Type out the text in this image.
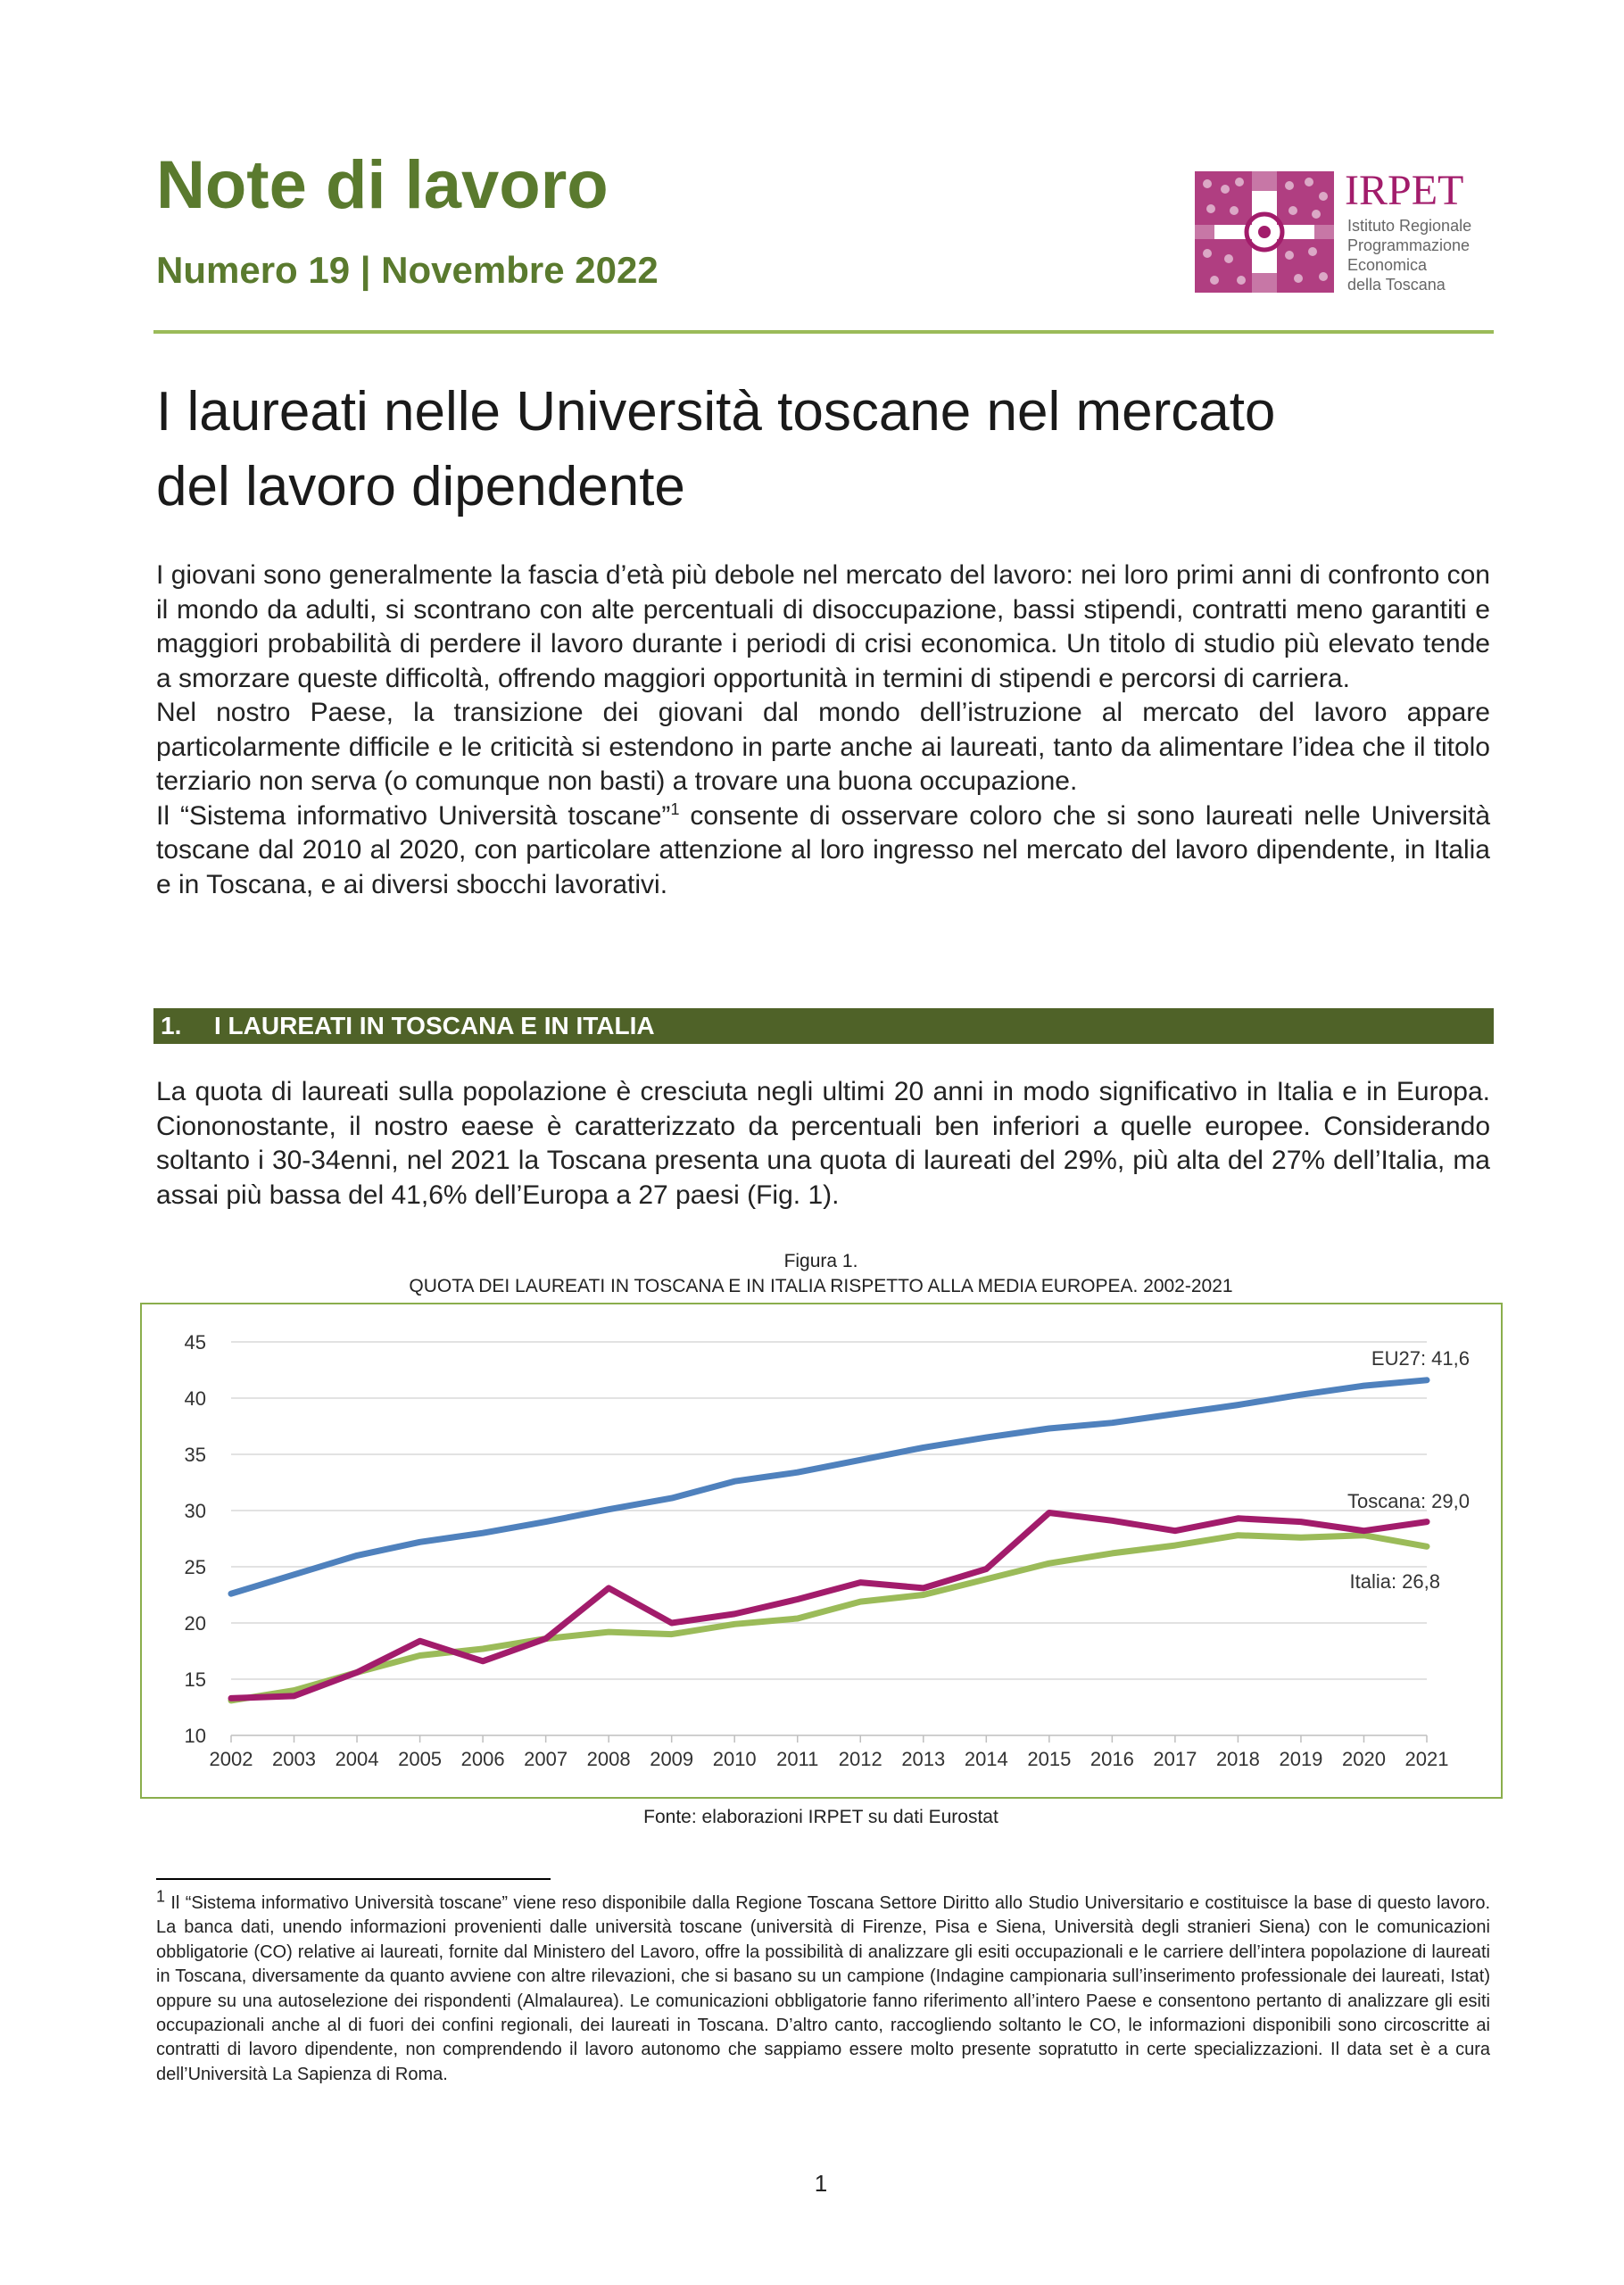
Note di lavoro
Numero 19 | Novembre 2022
IRPET
Istituto Regionale
Programmazione
Economica
della Toscana
I laureati nelle Università toscane nel mercato
del lavoro dipendente

I giovani sono generalmente la fascia d’età più debole nel mercato del lavoro: nei loro primi anni di confronto con il mondo da adulti, si scontrano con alte percentuali di disoccupazione, bassi stipendi, contratti meno garantiti e maggiori probabilità di perdere il lavoro durante i periodi di crisi economica. Un titolo di studio più elevato tende a smorzare queste difficoltà, offrendo maggiori opportunità in termini di stipendi e percorsi di carriera.

Nel nostro Paese, la transizione dei giovani dal mondo dell’istruzione al mercato del lavoro appare particolarmente difficile e le criticità si estendono in parte anche ai laureati, tanto da alimentare l’idea che il titolo terziario non serva (o comunque non basti) a trovare una buona occupazione.

Il “Sistema informativo Università toscane”$^1$ consente di osservare coloro che si sono laureati nelle Università toscane dal 2010 al 2020, con particolare attenzione al loro ingresso nel mercato del lavoro dipendente, in Italia e in Toscana, e ai diversi sbocchi lavorativi.

1. I LAUREATI IN TOSCANA E IN ITALIA
La quota di laureati sulla popolazione è cresciuta negli ultimi 20 anni in modo significativo in Italia e in Europa. Ciononostante, il nostro eaese è caratterizzato da percentuali ben inferiori a quelle europee. Considerando soltanto i 30-34enni, nel 2021 la Toscana presenta una quota di laureati del 29%, più alta del 27% dell’Italia, ma assai più bassa del 41,6% dell’Europa a 27 paesi (Fig. 1).
Figura 1.
QUOTA DEI LAUREATI IN TOSCANA E IN ITALIA RISPETTO ALLA MEDIA EUROPEA. 2002-2021
10
15
20
25
30
35
40
45
2002 2003 2004 2005 2006 2007 2008 2009 2010 2011 2012 2013 2014 2015 2016 2017 2018 2019 2020 2021
EU27: 41,6
Italia: 26,8
Toscana: 29,0
Fonte: elaborazioni IRPET su dati Eurostat
$^1$ Il “Sistema informativo Università toscane” viene reso disponibile dalla Regione Toscana Settore Diritto allo Studio Universitario e costituisce la base di questo lavoro. La banca dati, unendo informazioni provenienti dalle università toscane (università di Firenze, Pisa e Siena, Università degli stranieri Siena) con le comunicazioni obbligatorie (CO) relative ai laureati, fornite dal Ministero del Lavoro, offre la possibilità di analizzare gli esiti occupazionali e le carriere dell’intera popolazione di laureati in Toscana, diversamente da quanto avviene con altre rilevazioni, che si basano su un campione (Indagine campionaria sull’inserimento professionale dei laureati, Istat) oppure su una autoselezione dei rispondenti (Almalaurea). Le comunicazioni obbligatorie fanno riferimento all’intero Paese e consentono pertanto di analizzare gli esiti occupazionali anche al di fuori dei confini regionali, dei laureati in Toscana. D’altro canto, raccogliendo soltanto le CO, le informazioni disponibili sono circoscritte ai contratti di lavoro dipendente, non comprendendo il lavoro autonomo che sappiamo essere molto presente sopratutto in certe specializzazioni. Il data set è a cura dell’Università La Sapienza di Roma.
1
